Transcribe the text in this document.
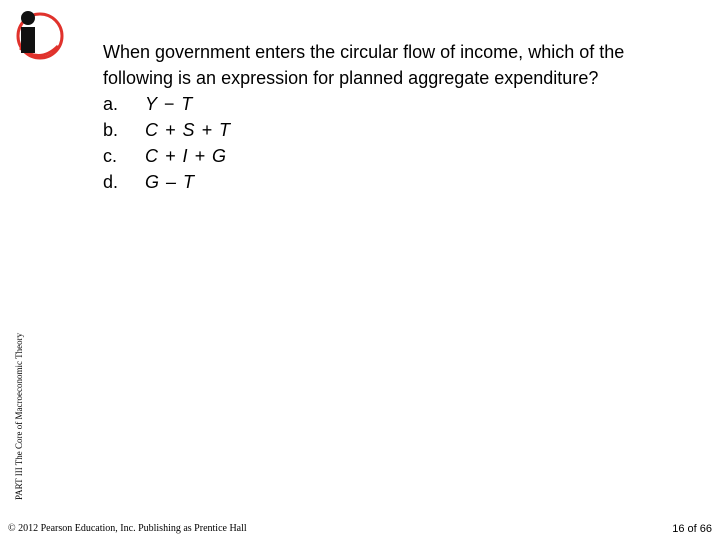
PART III The Core of Macroeconomic Theory
When government enters the circular flow of income, which of the following is an expression for planned aggregate expenditure?
a.	Y − T
b.	C + S + T
c.	C + I + G
d.	G – T
© 2012 Pearson Education, Inc. Publishing as Prentice Hall	16 of 66
